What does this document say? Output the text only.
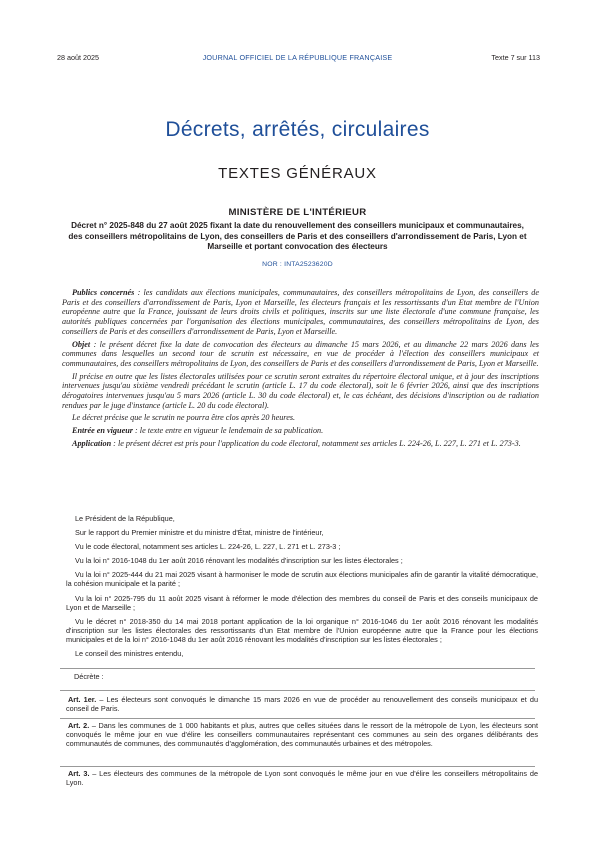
28 août 2025	JOURNAL OFFICIEL DE LA RÉPUBLIQUE FRANÇAISE	Texte 7 sur 113
Décrets, arrêtés, circulaires
TEXTES GÉNÉRAUX
MINISTÈRE DE L'INTÉRIEUR
Décret n° 2025-848 du 27 août 2025 fixant la date du renouvellement des conseillers municipaux et communautaires, des conseillers métropolitains de Lyon, des conseillers de Paris et des conseillers d'arrondissement de Paris, Lyon et Marseille et portant convocation des électeurs
NOR : INTA2523620D

Publics concernés : les candidats aux élections municipales, communautaires, des conseillers métropolitains de Lyon, des conseillers de Paris et des conseillers d'arrondissement de Paris, Lyon et Marseille, les électeurs français et les ressortissants d'un Etat membre de l'Union européenne autre que la France, jouissant de leurs droits civils et politiques, inscrits sur une liste électorale d'une commune française, les autorités publiques concernées par l'organisation des élections municipales, communautaires, des conseillers métropolitains de Lyon, des conseillers de Paris et des conseillers d'arrondissement de Paris, Lyon et Marseille.

Objet : le présent décret fixe la date de convocation des électeurs au dimanche 15 mars 2026, et au dimanche 22 mars 2026 dans les communes dans lesquelles un second tour de scrutin est nécessaire, en vue de procéder à l'élection des conseillers municipaux et communautaires, des conseillers métropolitains de Lyon, des conseillers de Paris et des conseillers d'arrondissement de Paris, Lyon et Marseille.

Il précise en outre que les listes électorales utilisées pour ce scrutin seront extraites du répertoire électoral unique, et à jour des inscriptions intervenues jusqu'au sixième vendredi précédant le scrutin (article L. 17 du code électoral), soit le 6 février 2026, ainsi que des inscriptions dérogatoires intervenues jusqu'au 5 mars 2026 (article L. 30 du code électoral) et, le cas échéant, des décisions d'inscription ou de radiation rendues par le juge d'instance (article L. 20 du code électoral).

Le décret précise que le scrutin ne pourra être clos après 20 heures.

Entrée en vigueur : le texte entre en vigueur le lendemain de sa publication.

Application : le présent décret est pris pour l'application du code électoral, notamment ses articles L. 224-26, L. 227, L. 271 et L. 273-3.

Le Président de la République,

Sur le rapport du Premier ministre et du ministre d'État, ministre de l'intérieur,

Vu le code électoral, notamment ses articles L. 224-26, L. 227, L. 271 et L. 273-3 ;

Vu la loi n° 2016-1048 du 1er août 2016 rénovant les modalités d'inscription sur les listes électorales ;

Vu la loi n° 2025-444 du 21 mai 2025 visant à harmoniser le mode de scrutin aux élections municipales afin de garantir la vitalité démocratique, la cohésion municipale et la parité ;

Vu la loi n° 2025-795 du 11 août 2025 visant à réformer le mode d'élection des membres du conseil de Paris et des conseils municipaux de Lyon et de Marseille ;

Vu le décret n° 2018-350 du 14 mai 2018 portant application de la loi organique n° 2016-1046 du 1er août 2016 rénovant les modalités d'inscription sur les listes électorales des ressortissants d'un Etat membre de l'Union européenne autre que la France pour les élections municipales et de la loi n° 2016-1048 du 1er août 2016 rénovant les modalités d'inscription sur les listes électorales ;

Le conseil des ministres entendu,

Décrète :

Art. 1er. – Les électeurs sont convoqués le dimanche 15 mars 2026 en vue de procéder au renouvellement des conseils municipaux et du conseil de Paris.

Art. 2. – Dans les communes de 1 000 habitants et plus, autres que celles situées dans le ressort de la métropole de Lyon, les électeurs sont convoqués le même jour en vue d'élire les conseillers communautaires représentant ces communes au sein des organes délibérants des communautés de communes, des communautés d'agglomération, des communautés urbaines et des métropoles.

Art. 3. – Les électeurs des communes de la métropole de Lyon sont convoqués le même jour en vue d'élire les conseillers métropolitains de Lyon.
